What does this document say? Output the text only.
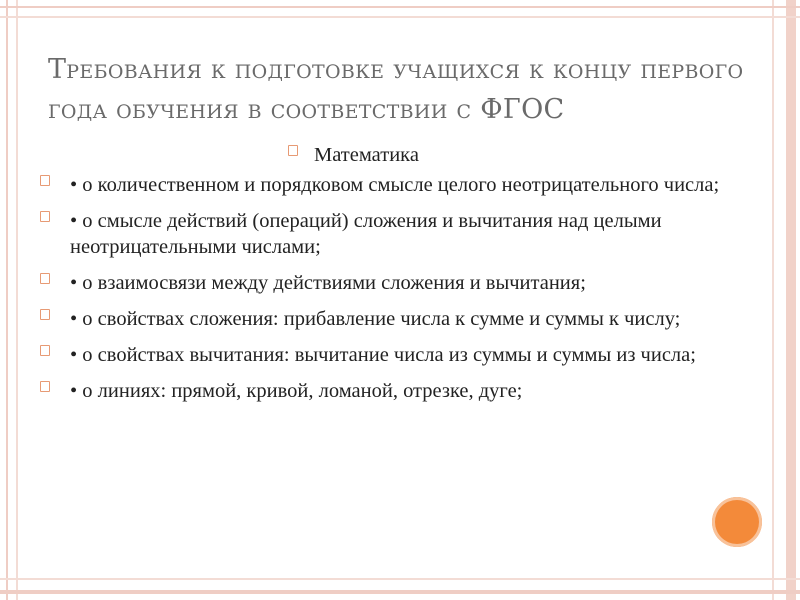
Требования к подготовке учащихся к концу первого года обучения в соответствии с ФГОС
Математика
• о количественном и порядковом смысле целого неотрицательного числа;
• о смысле действий (операций) сложения и вычитания над целыми неотрицательными числами;
• о взаимосвязи между действиями сложения и вычитания;
• о свойствах сложения: прибавление числа к сумме и суммы к числу;
• о свойствах вычитания: вычитание числа из суммы и суммы из числа;
• о линиях: прямой, кривой, ломаной, отрезке, дуге;
